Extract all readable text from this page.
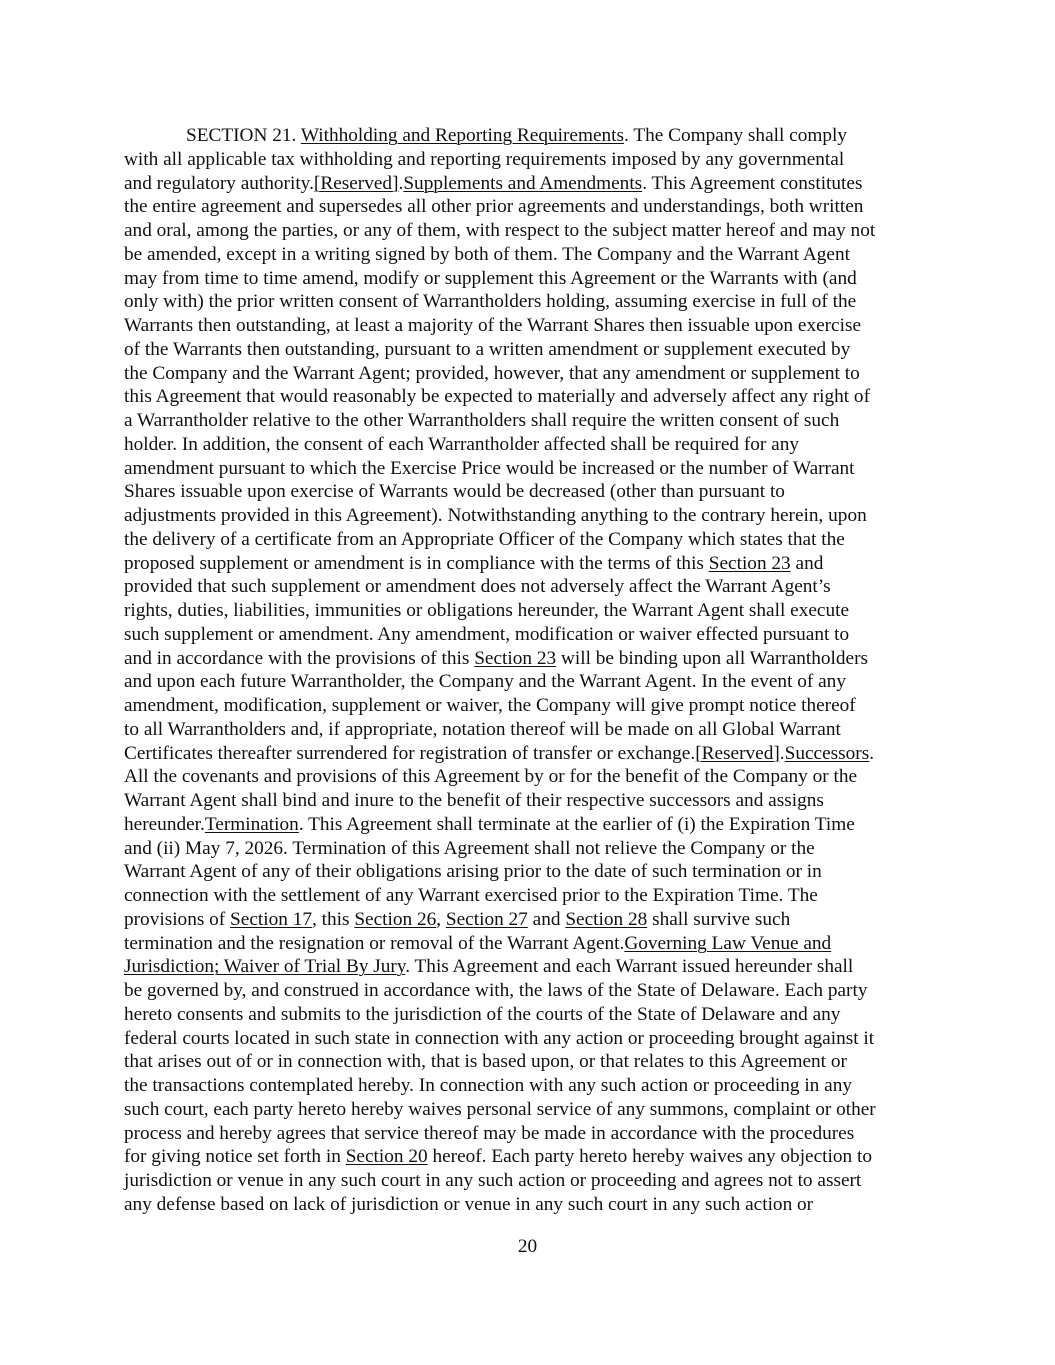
SECTION 21. Withholding and Reporting Requirements. The Company shall comply
with all applicable tax withholding and reporting requirements imposed by any governmental
and regulatory authority.[Reserved].Supplements and Amendments. This Agreement constitutes
the entire agreement and supersedes all other prior agreements and understandings, both written
and oral, among the parties, or any of them, with respect to the subject matter hereof and may not
be amended, except in a writing signed by both of them. The Company and the Warrant Agent
may from time to time amend, modify or supplement this Agreement or the Warrants with (and
only with) the prior written consent of Warrantholders holding, assuming exercise in full of the
Warrants then outstanding, at least a majority of the Warrant Shares then issuable upon exercise
of the Warrants then outstanding, pursuant to a written amendment or supplement executed by
the Company and the Warrant Agent; provided, however, that any amendment or supplement to
this Agreement that would reasonably be expected to materially and adversely affect any right of
a Warrantholder relative to the other Warrantholders shall require the written consent of such
holder. In addition, the consent of each Warrantholder affected shall be required for any
amendment pursuant to which the Exercise Price would be increased or the number of Warrant
Shares issuable upon exercise of Warrants would be decreased (other than pursuant to
adjustments provided in this Agreement). Notwithstanding anything to the contrary herein, upon
the delivery of a certificate from an Appropriate Officer of the Company which states that the
proposed supplement or amendment is in compliance with the terms of this Section 23 and
provided that such supplement or amendment does not adversely affect the Warrant Agent’s
rights, duties, liabilities, immunities or obligations hereunder, the Warrant Agent shall execute
such supplement or amendment. Any amendment, modification or waiver effected pursuant to
and in accordance with the provisions of this Section 23 will be binding upon all Warrantholders
and upon each future Warrantholder, the Company and the Warrant Agent. In the event of any
amendment, modification, supplement or waiver, the Company will give prompt notice thereof
to all Warrantholders and, if appropriate, notation thereof will be made on all Global Warrant
Certificates thereafter surrendered for registration of transfer or exchange.[Reserved].Successors.
All the covenants and provisions of this Agreement by or for the benefit of the Company or the
Warrant Agent shall bind and inure to the benefit of their respective successors and assigns
hereunder.Termination. This Agreement shall terminate at the earlier of (i) the Expiration Time
and (ii) May 7, 2026. Termination of this Agreement shall not relieve the Company or the
Warrant Agent of any of their obligations arising prior to the date of such termination or in
connection with the settlement of any Warrant exercised prior to the Expiration Time. The
provisions of Section 17, this Section 26, Section 27 and Section 28 shall survive such
termination and the resignation or removal of the Warrant Agent.Governing Law Venue and
Jurisdiction; Waiver of Trial By Jury. This Agreement and each Warrant issued hereunder shall
be governed by, and construed in accordance with, the laws of the State of Delaware. Each party
hereto consents and submits to the jurisdiction of the courts of the State of Delaware and any
federal courts located in such state in connection with any action or proceeding brought against it
that arises out of or in connection with, that is based upon, or that relates to this Agreement or
the transactions contemplated hereby. In connection with any such action or proceeding in any
such court, each party hereto hereby waives personal service of any summons, complaint or other
process and hereby agrees that service thereof may be made in accordance with the procedures
for giving notice set forth in Section 20 hereof. Each party hereto hereby waives any objection to
jurisdiction or venue in any such court in any such action or proceeding and agrees not to assert
any defense based on lack of jurisdiction or venue in any such court in any such action or
20
